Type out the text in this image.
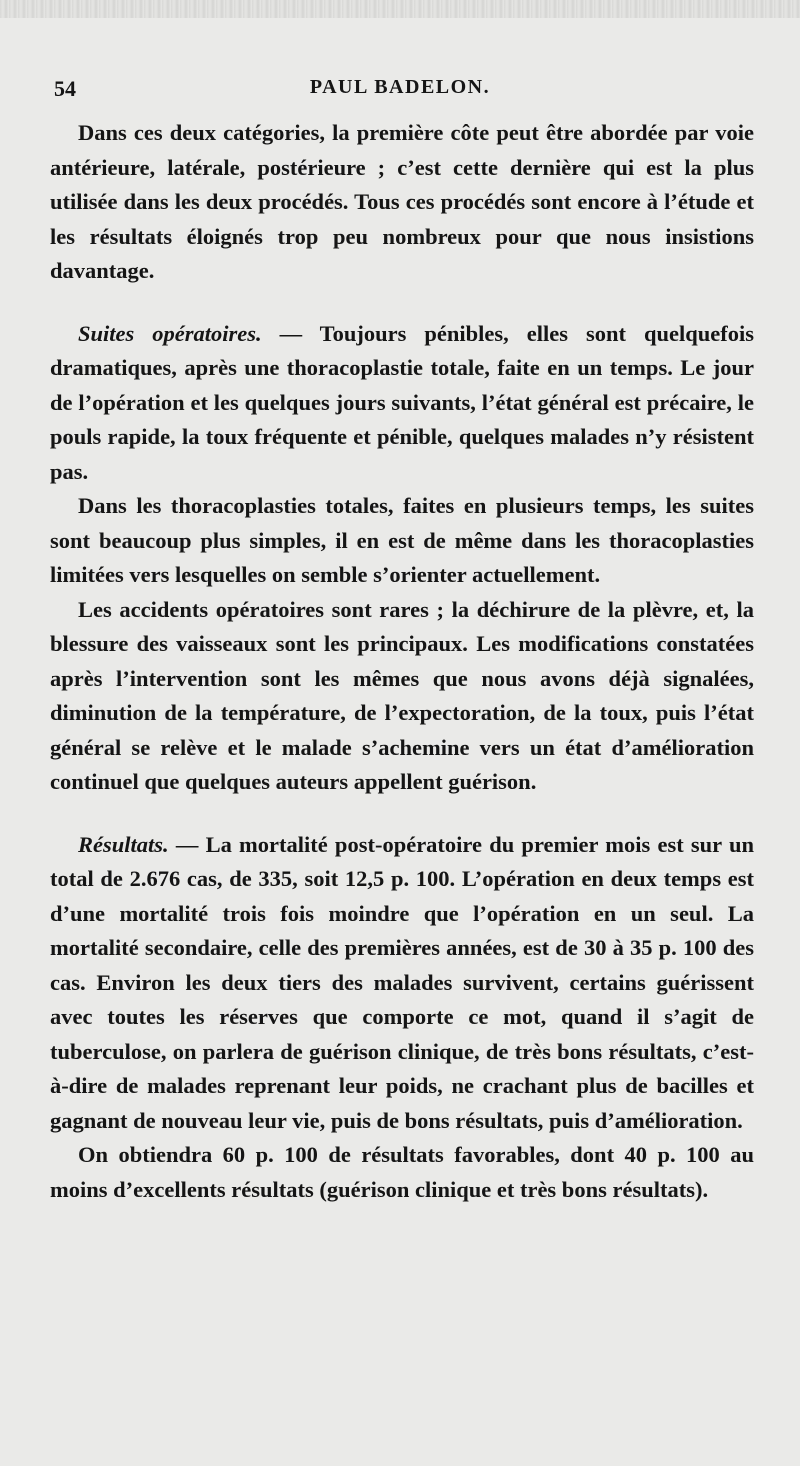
54	PAUL BADELON.

Dans ces deux catégories, la première côte peut être abordée par voie antérieure, latérale, postérieure ; c’est cette dernière qui est la plus utilisée dans les deux procédés. Tous ces procédés sont encore à l’étude et les résultats éloignés trop peu nombreux pour que nous insistions davantage.

Suites opératoires. — Toujours pénibles, elles sont quelquefois dramatiques, après une thoracoplastie totale, faite en un temps. Le jour de l’opération et les quelques jours suivants, l’état général est précaire, le pouls rapide, la toux fréquente et pénible, quelques malades n’y résistent pas.

Dans les thoracoplasties totales, faites en plusieurs temps, les suites sont beaucoup plus simples, il en est de même dans les thoracoplasties limitées vers lesquelles on semble s’orienter actuellement.

Les accidents opératoires sont rares ; la déchirure de la plèvre, et, la blessure des vaisseaux sont les principaux. Les modifications constatées après l’intervention sont les mêmes que nous avons déjà signalées, diminution de la température, de l’expectoration, de la toux, puis l’état général se relève et le malade s’achemine vers un état d’amélioration continuel que quelques auteurs appellent guérison.

Résultats. — La mortalité post-opératoire du premier mois est sur un total de 2.676 cas, de 335, soit 12,5 p. 100. L’opération en deux temps est d’une mortalité trois fois moindre que l’opération en un seul. La mortalité secondaire, celle des premières années, est de 30 à 35 p. 100 des cas. Environ les deux tiers des malades survivent, certains guérissent avec toutes les réserves que comporte ce mot, quand il s’agit de tuberculose, on parlera de guérison clinique, de très bons résultats, c’est-à-dire de malades reprenant leur poids, ne crachant plus de bacilles et gagnant de nouveau leur vie, puis de bons résultats, puis d’amélioration.

On obtiendra 60 p. 100 de résultats favorables, dont 40 p. 100 au moins d’excellents résultats (guérison clinique et très bons résultats).
